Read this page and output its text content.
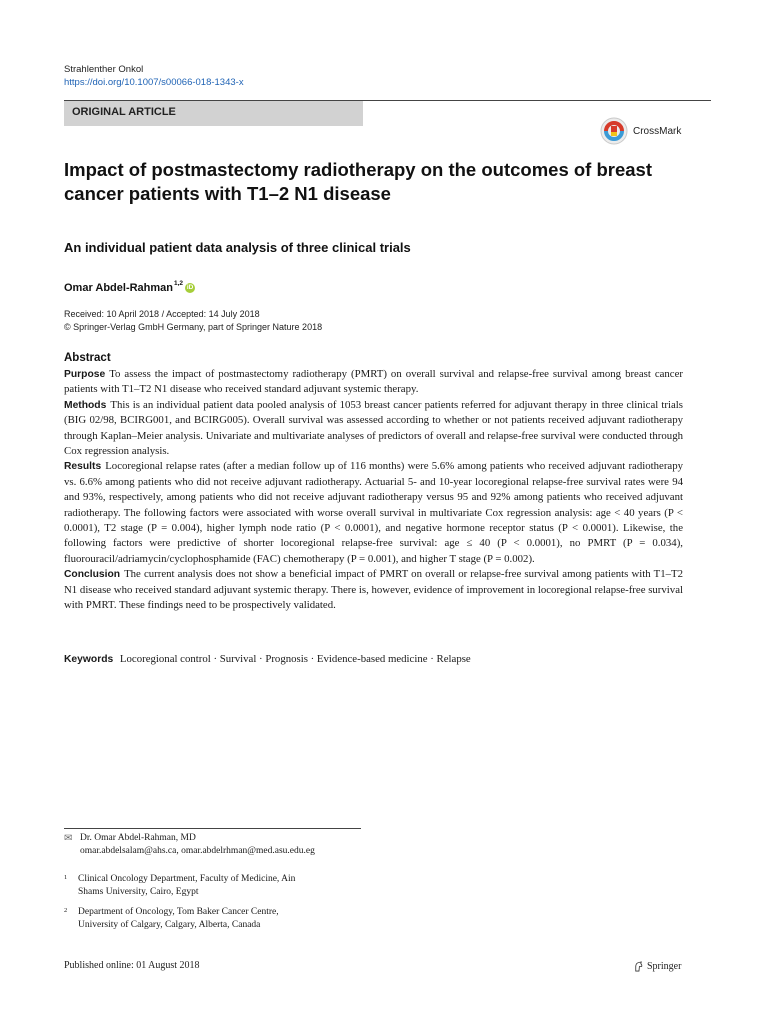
Strahlenther Onkol
https://doi.org/10.1007/s00066-018-1343-x
ORIGINAL ARTICLE
CrossMark
Impact of postmastectomy radiotherapy on the outcomes of breast cancer patients with T1–2 N1 disease
An individual patient data analysis of three clinical trials
Omar Abdel-Rahman$^{1,2}$
iD
Received: 10 April 2018 / Accepted: 14 July 2018
© Springer-Verlag GmbH Germany, part of Springer Nature 2018
Abstract

Purpose To assess the impact of postmastectomy radiotherapy (PMRT) on overall survival and relapse-free survival among breast cancer patients with T1–T2 N1 disease who received standard adjuvant systemic therapy.

Methods This is an individual patient data pooled analysis of 1053 breast cancer patients referred for adjuvant therapy in three clinical trials (BIG 02/98, BCIRG001, and BCIRG005). Overall survival was assessed according to whether or not patients received adjuvant radiotherapy through Kaplan–Meier analysis. Univariate and multivariate analyses of predictors of overall and relapse-free survival were conducted through Cox regression analysis.

Results Locoregional relapse rates (after a median follow up of 116 months) were 5.6% among patients who received adjuvant radiotherapy vs. 6.6% among patients who did not receive adjuvant radiotherapy. Actuarial 5- and 10-year locoregional relapse-free survival rates were 94 and 93%, respectively, among patients who did not receive adjuvant radiotherapy versus 95 and 92% among patients who received adjuvant radiotherapy. The following factors were associated with worse overall survival in multivariate Cox regression analysis: age < 40 years (P < 0.0001), T2 stage (P = 0.004), higher lymph node ratio (P < 0.0001), and negative hormone receptor status (P < 0.0001). Likewise, the following factors were predictive of shorter locoregional relapse-free survival: age ≤ 40 (P < 0.0001), no PMRT (P = 0.034), fluorouracil/adriamycin/cyclophosphamide (FAC) chemotherapy (P = 0.001), and higher T stage (P = 0.002).

Conclusion The current analysis does not show a beneficial impact of PMRT on overall or relapse-free survival among patients with T1–T2 N1 disease who received standard adjuvant systemic therapy. There is, however, evidence of improvement in locoregional relapse-free survival with PMRT. These findings need to be prospectively validated.

Keywords Locoregional control · Survival · Prognosis · Evidence-based medicine · Relapse
✉ Dr. Omar Abdel-Rahman, MD
omar.abdelsalam@ahs.ca, omar.abdelrhman@med.asu.edu.eg
1	Clinical Oncology Department, Faculty of Medicine, Ain
Shams University, Cairo, Egypt
2	Department of Oncology, Tom Baker Cancer Centre,
University of Calgary, Calgary, Alberta, Canada
Published online: 01 August 2018	Springer
